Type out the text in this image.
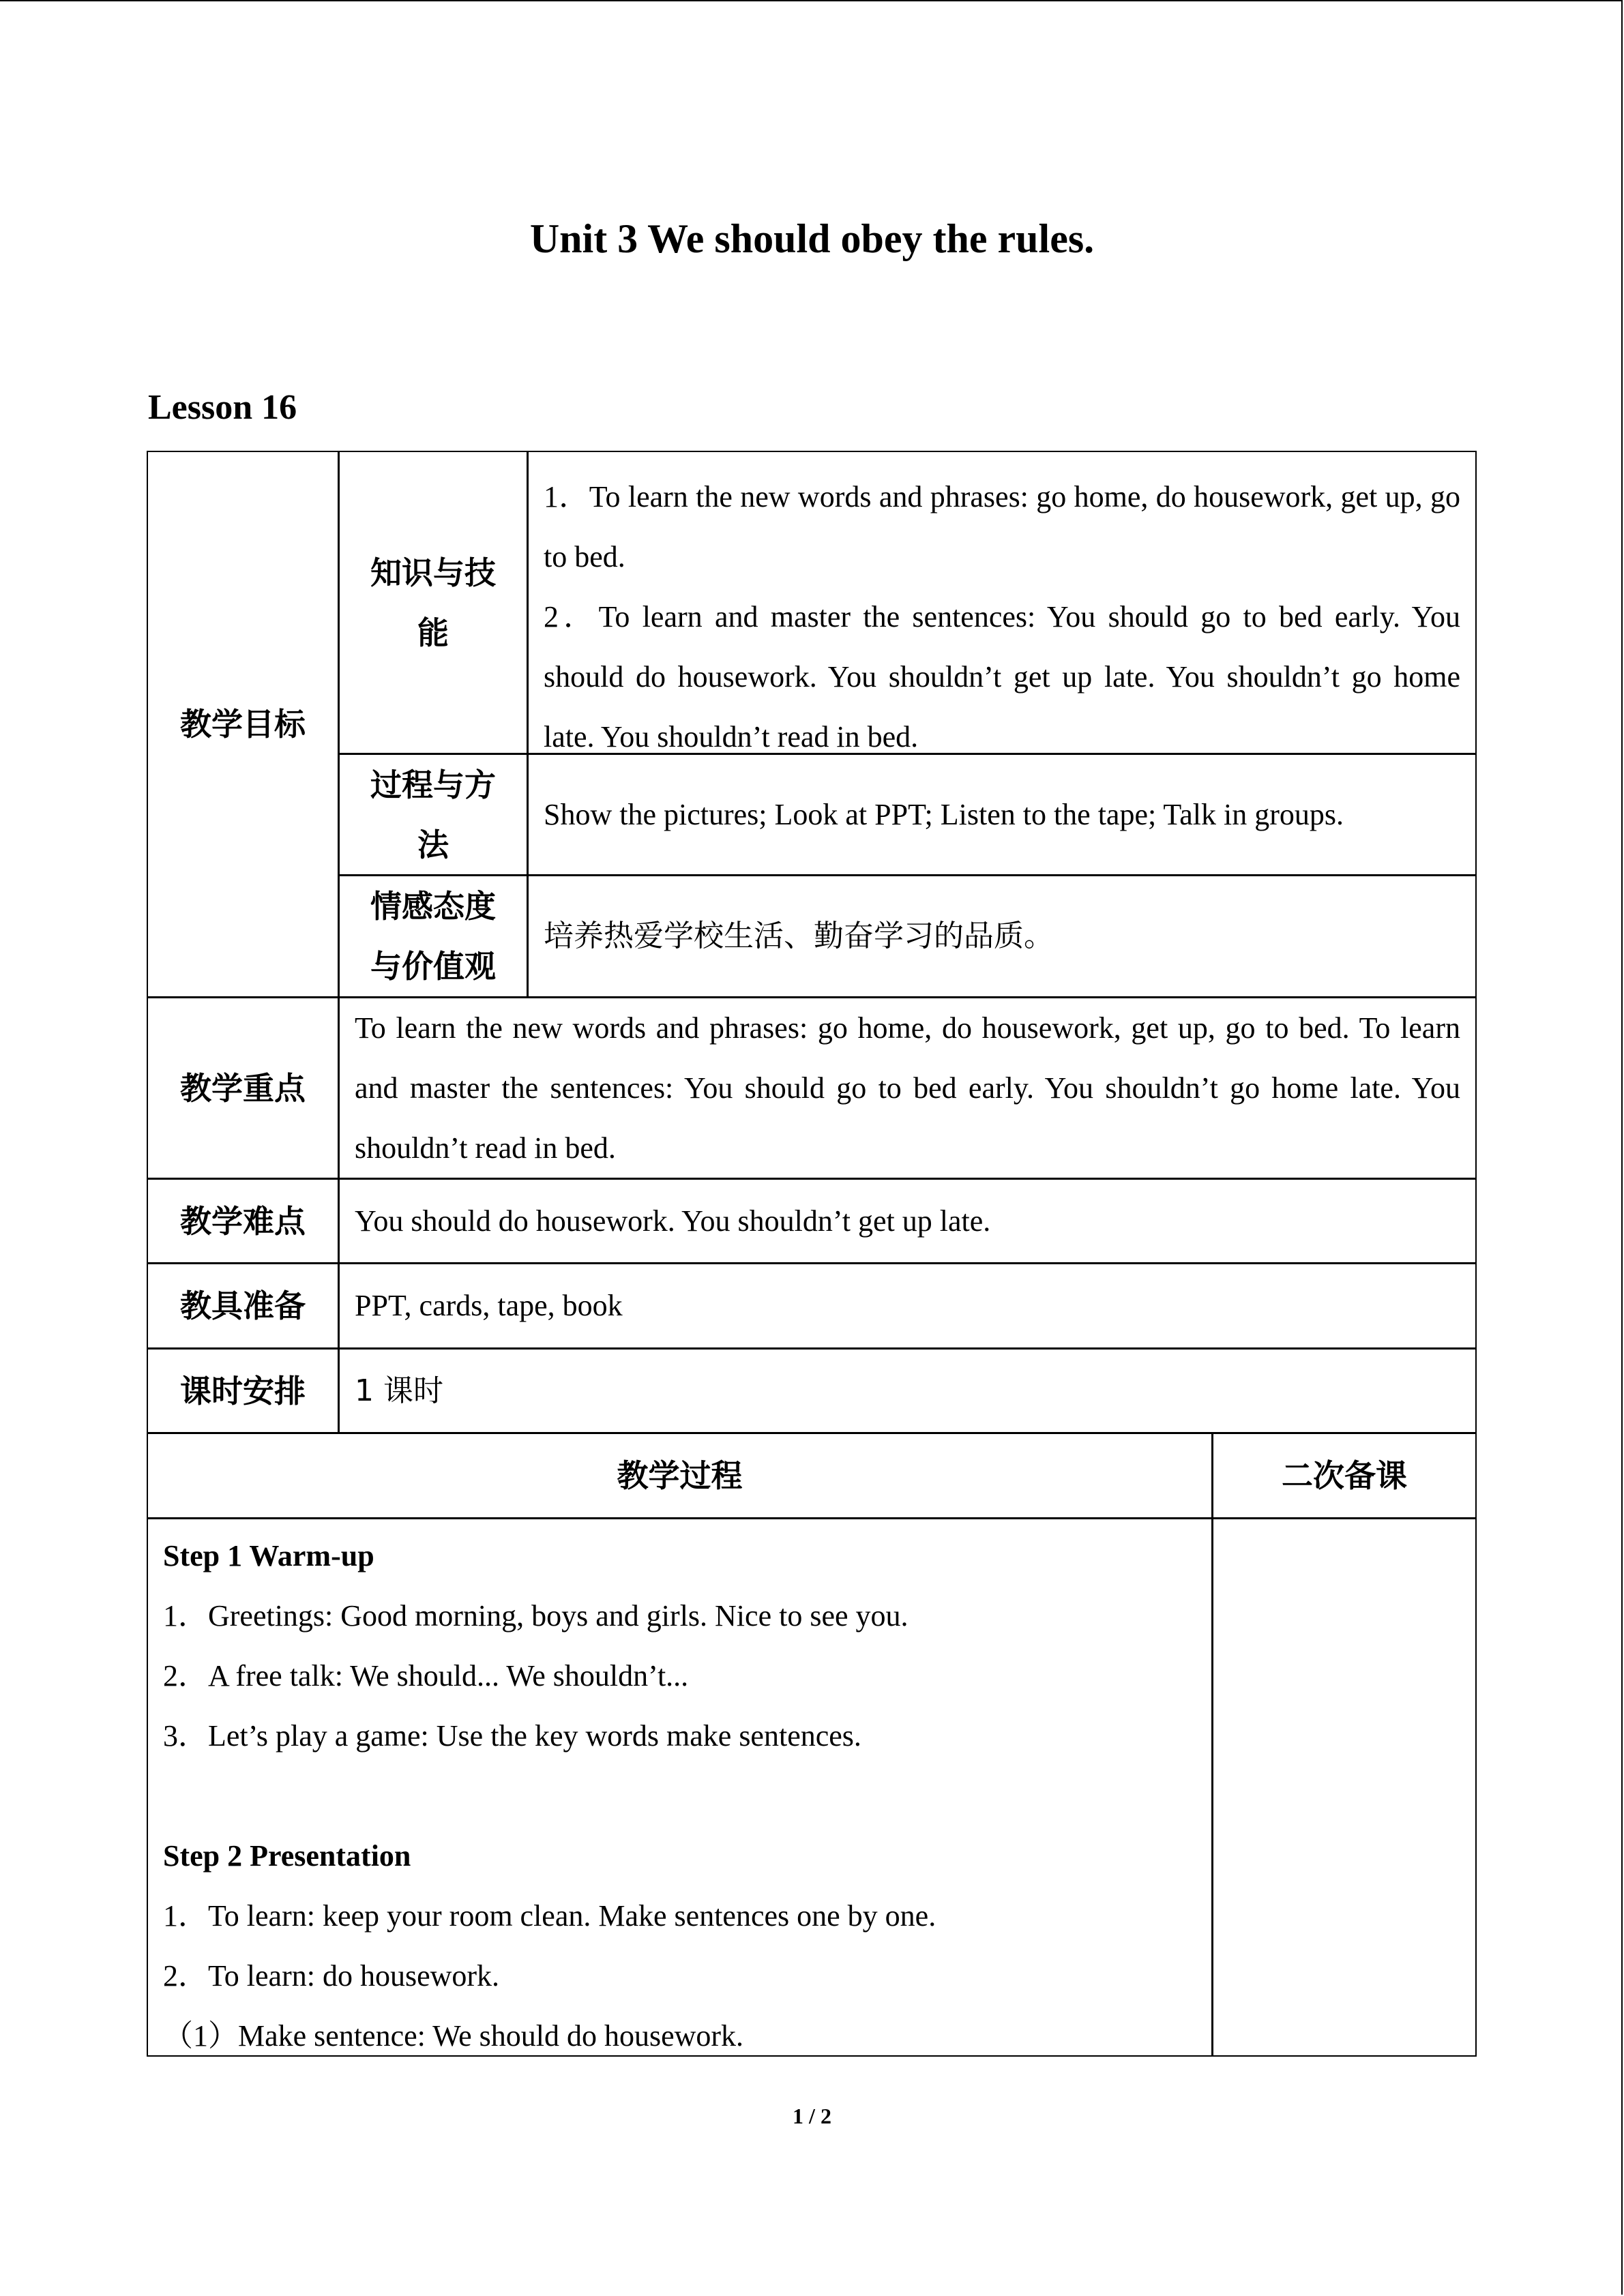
Unit 3 We should obey the rules.
Lesson 16
教学目标
知识与技能
1．To learn the new words and phrases: go home, do housework, get up, go to bed.
2．To learn and master the sentences: You should go to bed early. You should do housework. You shouldn’t get up late. You shouldn’t go home late. You shouldn’t read in bed.
过程与方法
Show the pictures; Look at PPT; Listen to the tape; Talk in groups.
情感态度与价值观
培养热爱学校生活、勤奋学习的品质。
教学重点
To learn the new words and phrases: go home, do housework, get up, go to bed. To learn and master the sentences: You should go to bed early. You shouldn’t go home late. You shouldn’t read in bed.
教学难点 You should do housework. You shouldn’t get up late.
教具准备 PPT, cards, tape, book
课时安排 1 课时
教学过程	二次备课
Step 1 Warm-up
1．Greetings: Good morning, boys and girls. Nice to see you.
2．A free talk: We should... We shouldn’t...
3．Let’s play a game: Use the key words make sentences.
Step 2 Presentation
1．To learn: keep your room clean. Make sentences one by one.
2．To learn: do housework.
（1）Make sentence: We should do housework.
1 / 2
